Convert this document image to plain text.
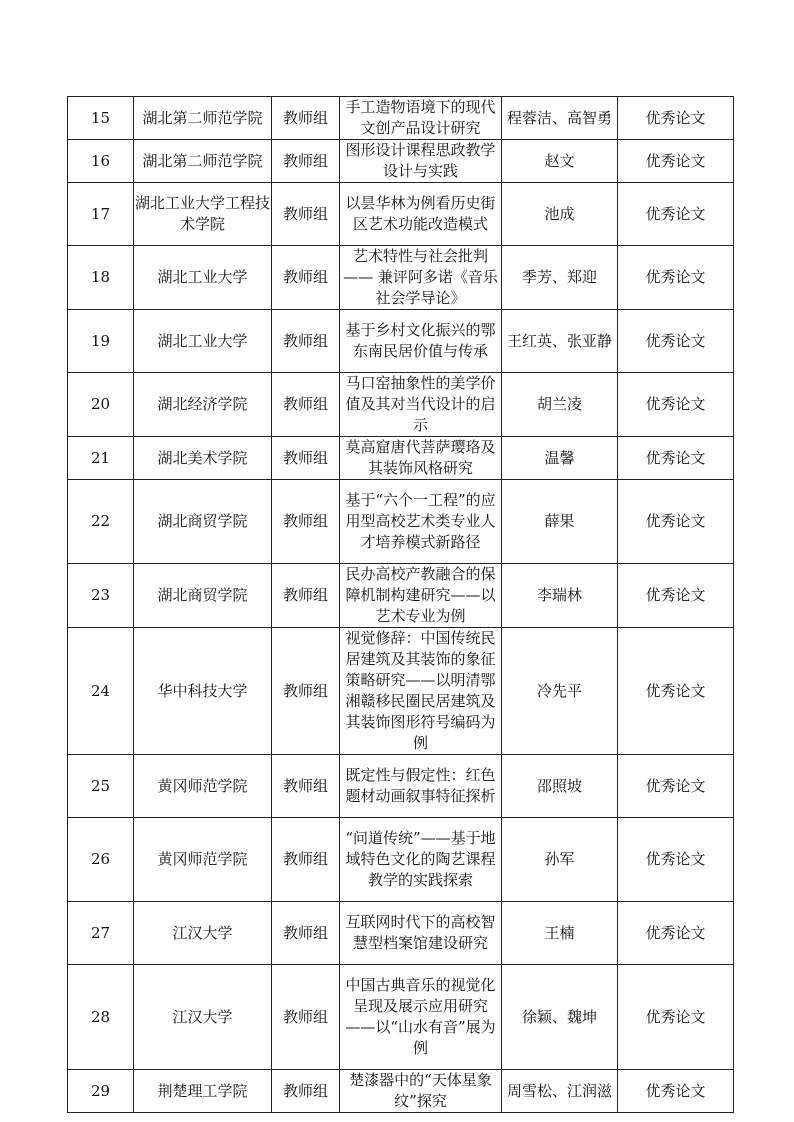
15	湖北第二师范学院	教师组	手工造物语境下的现代文创产品设计研究	程蓉洁、高智勇	优秀论文
16	湖北第二师范学院	教师组	图形设计课程思政教学设计与实践	赵文	优秀论文
17	湖北工业大学工程技术学院	教师组	以昙华林为例看历史街区艺术功能改造模式	池成	优秀论文
18	湖北工业大学	教师组	艺术特性与社会批判—— 兼评阿多诺《音乐社会学导论》	季芳、郑迎	优秀论文
19	湖北工业大学	教师组	基于乡村文化振兴的鄂东南民居价值与传承	王红英、张亚静	优秀论文
20	湖北经济学院	教师组	马口窑抽象性的美学价值及其对当代设计的启示	胡兰凌	优秀论文
21	湖北美术学院	教师组	莫高窟唐代菩萨璎珞及其装饰风格研究	温馨	优秀论文
22	湖北商贸学院	教师组	基于“六个一工程”的应用型高校艺术类专业人才培养模式新路径	薛果	优秀论文
23	湖北商贸学院	教师组	民办高校产教融合的保障机制构建研究——以艺术专业为例	李瑞林	优秀论文
24	华中科技大学	教师组	视觉修辞：中国传统民居建筑及其装饰的象征策略研究——以明清鄂湘赣移民圈民居建筑及其装饰图形符号编码为例	冷先平	优秀论文
25	黄冈师范学院	教师组	既定性与假定性：红色题材动画叙事特征探析	邵照坡	优秀论文
26	黄冈师范学院	教师组	“问道传统”——基于地域特色文化的陶艺课程教学的实践探索	孙军	优秀论文
27	江汉大学	教师组	互联网时代下的高校智慧型档案馆建设研究	王楠	优秀论文
28	江汉大学	教师组	中国古典音乐的视觉化呈现及展示应用研究——以“山水有音”展为例	徐颖、魏坤	优秀论文
29	荆楚理工学院	教师组	楚漆器中的“天体星象纹”探究	周雪松、江润滋	优秀论文
